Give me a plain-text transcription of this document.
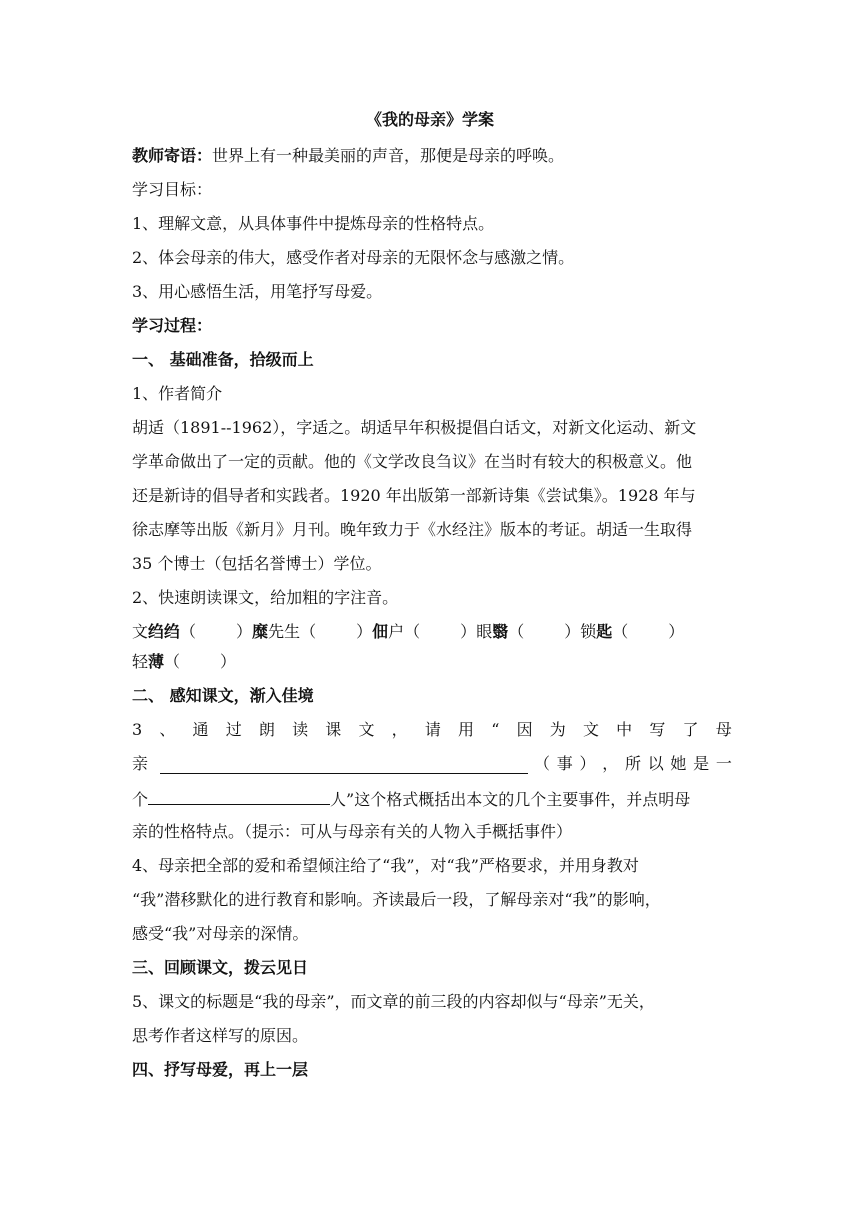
《我的母亲》学案
教师寄语：世界上有一种最美丽的声音，那便是母亲的呼唤。
学习目标：
1、理解文意，从具体事件中提炼母亲的性格特点。
2、体会母亲的伟大，感受作者对母亲的无限怀念与感激之情。
3、用心感悟生活，用笔抒写母爱。
学习过程：
一、 基础准备，拾级而上
1、作者简介
胡适（1891--1962），字适之。胡适早年积极提倡白话文，对新文化运动、新文
学革命做出了一定的贡献。他的《文学改良刍议》在当时有较大的积极意义。他
还是新诗的倡导者和实践者。1920 年出版第一部新诗集《尝试集》。1928 年与
徐志摩等出版《新月》月刊。晚年致力于《水经注》版本的考证。胡适一生取得
35 个博士（包括名誉博士）学位。
2、快速朗读课文，给加粗的字注音。
文绉绉（	）糜先生（	）佃户（	）眼翳（	）锁匙（	）
轻薄（	）
二、 感知课文，渐入佳境
3 、 通 过 朗 读 课 文 ， 请 用 “ 因 为 文 中 写 了 母
亲	（ 事 ） ， 所 以 她 是 一
个	人”这个格式概括出本文的几个主要事件，并点明母
亲的性格特点。（提示：可从与母亲有关的人物入手概括事件）
4、母亲把全部的爱和希望倾注给了“我”，对“我”严格要求，并用身教对
“我”潜移默化的进行教育和影响。齐读最后一段，了解母亲对“我”的影响，
感受“我”对母亲的深情。
三、回顾课文，拨云见日
5、课文的标题是“我的母亲”，而文章的前三段的内容却似与“母亲”无关，
思考作者这样写的原因。
四、抒写母爱，再上一层
